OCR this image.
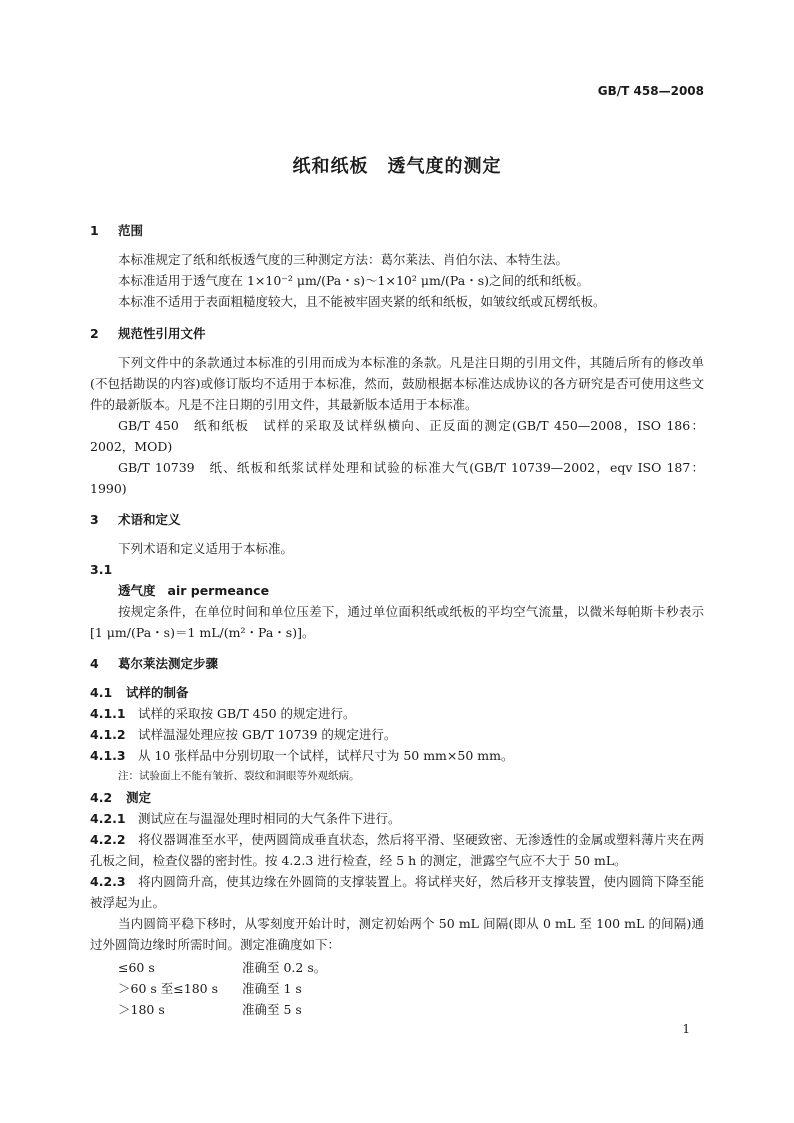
GB/T 458—2008
纸和纸板　透气度的测定
1 范围
本标准规定了纸和纸板透气度的三种测定方法：葛尔莱法、肖伯尔法、本特生法。
本标准适用于透气度在 1×10⁻² μm/(Pa・s)～1×10² μm/(Pa・s)之间的纸和纸板。
本标准不适用于表面粗糙度较大，且不能被牢固夹紧的纸和纸板，如皱纹纸或瓦楞纸板。
2 规范性引用文件
下列文件中的条款通过本标准的引用而成为本标准的条款。凡是注日期的引用文件，其随后所有的修改单(不包括勘误的内容)或修订版均不适用于本标准，然而，鼓励根据本标准达成协议的各方研究是否可使用这些文件的最新版本。凡是不注日期的引用文件，其最新版本适用于本标准。
GB/T 450　纸和纸板　试样的采取及试样纵横向、正反面的测定(GB/T 450—2008，ISO 186：2002，MOD)
GB/T 10739　纸、纸板和纸浆试样处理和试验的标准大气(GB/T 10739—2002，eqv ISO 187：1990)
3 术语和定义
下列术语和定义适用于本标准。
3.1
透气度 air permeance
按规定条件，在单位时间和单位压差下，通过单位面积纸或纸板的平均空气流量，以微米每帕斯卡秒表示[1 μm/(Pa・s)＝1 mL/(m²・Pa・s)]。
4 葛尔莱法测定步骤
4.1 试样的制备
4.1.1 试样的采取按 GB/T 450 的规定进行。
4.1.2 试样温湿处理应按 GB/T 10739 的规定进行。
4.1.3 从 10 张样品中分别切取一个试样，试样尺寸为 50 mm×50 mm。
注：试验面上不能有皱折、裂纹和洞眼等外观纸病。
4.2 测定
4.2.1 测试应在与温湿处理时相同的大气条件下进行。
4.2.2 将仪器调准至水平，使两圆筒成垂直状态，然后将平滑、坚硬致密、无渗透性的金属或塑料薄片夹在两孔板之间，检查仪器的密封性。按 4.2.3 进行检查，经 5 h 的测定，泄露空气应不大于 50 mL。
4.2.3 将内圆筒升高，使其边缘在外圆筒的支撑装置上。将试样夹好，然后移开支撑装置，使内圆筒下降至能被浮起为止。
当内圆筒平稳下移时，从零刻度开始计时，测定初始两个 50 mL 间隔(即从 0 mL 至 100 mL 的间隔)通过外圆筒边缘时所需时间。测定准确度如下：
≤60 s	准确至 0.2 s。
＞60 s 至≤180 s 准确至 1 s
＞180 s	准确至 5 s
1
